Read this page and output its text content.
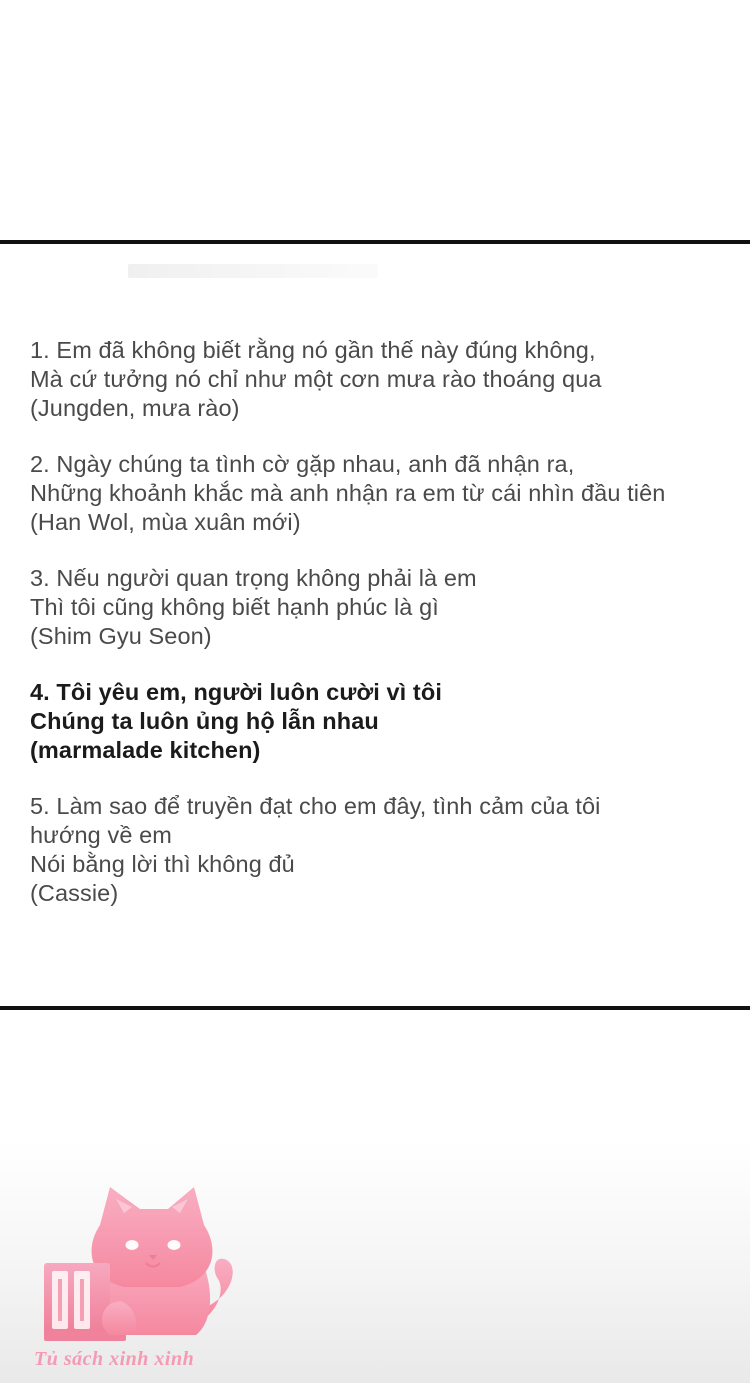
1. Em đã không biết rằng nó gần thế này đúng không,
Mà cứ tưởng nó chỉ như một cơn mưa rào thoáng qua
(Jungden, mưa rào)
2. Ngày chúng ta tình cờ gặp nhau, anh đã nhận ra,
Những khoảnh khắc mà anh nhận ra em từ cái nhìn đầu tiên
(Han Wol, mùa xuân mới)
3. Nếu người quan trọng không phải là em
Thì tôi cũng không biết hạnh phúc là gì
(Shim Gyu Seon)
4. Tôi yêu em, người luôn cười vì tôi
Chúng ta luôn ủng hộ lẫn nhau
(marmalade kitchen)
5. Làm sao để truyền đạt cho em đây, tình cảm của tôi
hướng về em
Nói bằng lời thì không đủ
(Cassie)
Tủ sách xinh xinh
